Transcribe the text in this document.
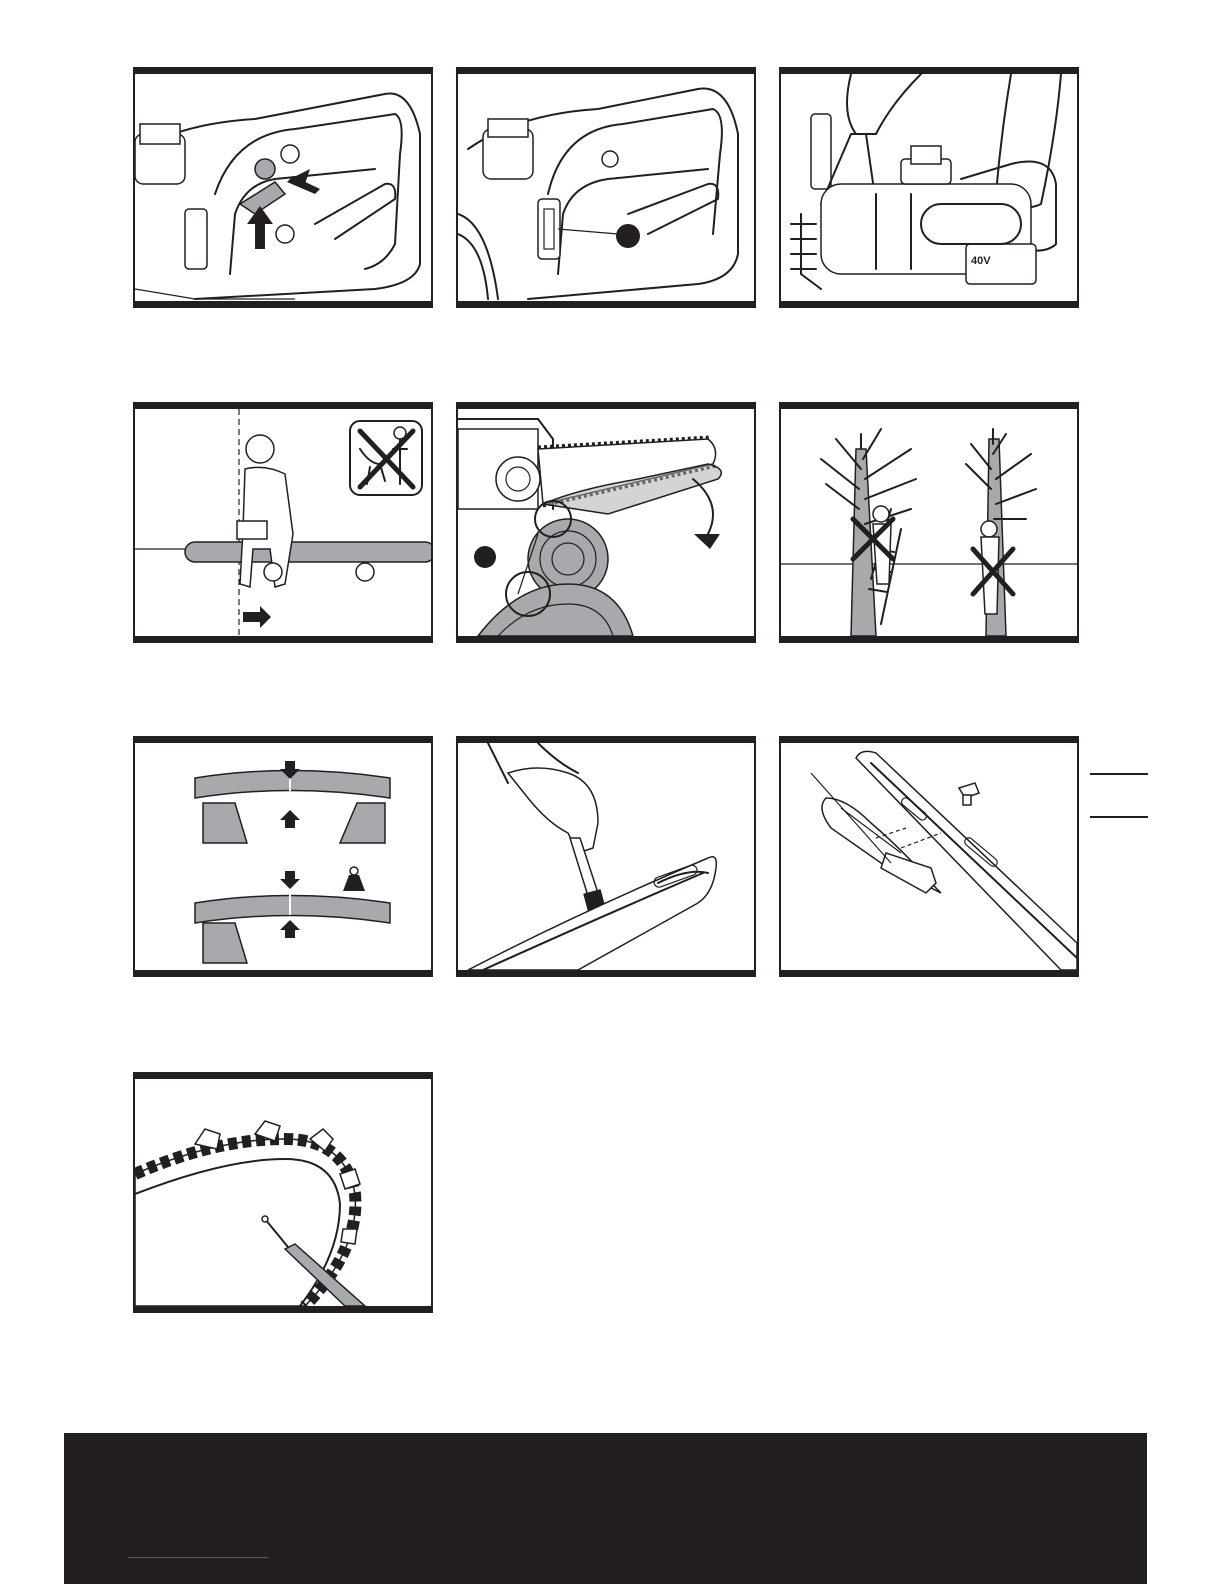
40V
